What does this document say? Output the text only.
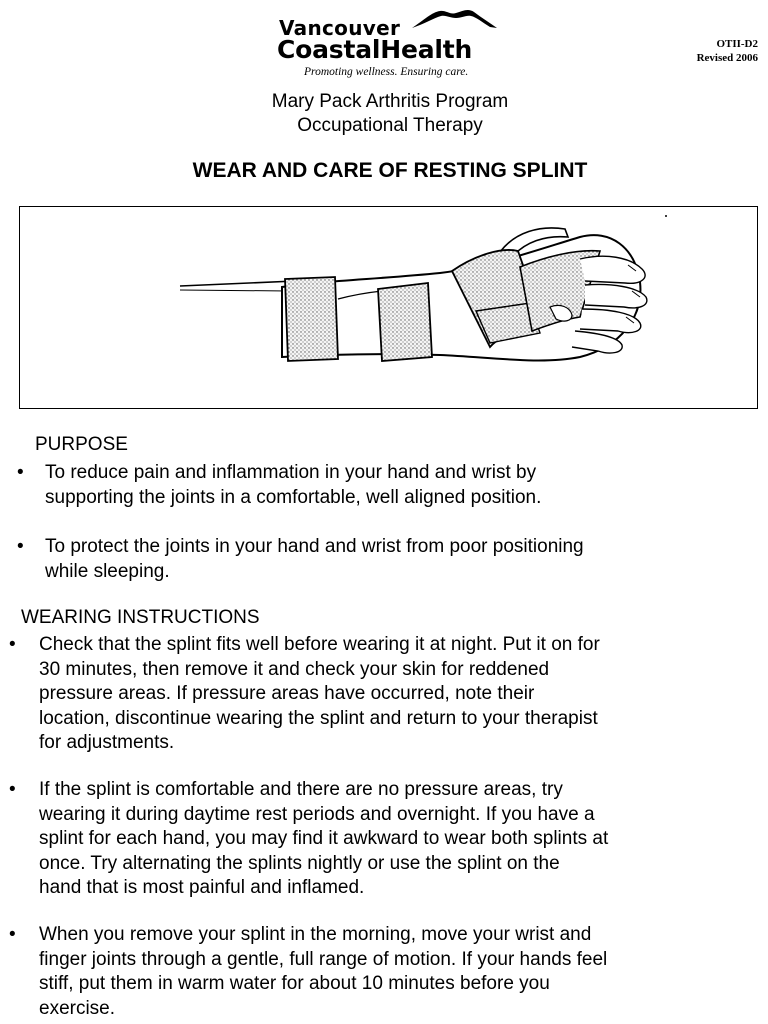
Vancouver
CoastalHealth
Promoting wellness. Ensuring care.
OTII-D2
Revised 2006
Mary Pack Arthritis Program
Occupational Therapy
WEAR AND CARE OF RESTING SPLINT
PURPOSE
• To reduce pain and inflammation in your hand and wrist by
supporting the joints in a comfortable, well aligned position.
• To protect the joints in your hand and wrist from poor positioning
while sleeping.
WEARING INSTRUCTIONS
• Check that the splint fits well before wearing it at night. Put it on for
30 minutes, then remove it and check your skin for reddened
pressure areas. If pressure areas have occurred, note their
location, discontinue wearing the splint and return to your therapist
for adjustments.
• If the splint is comfortable and there are no pressure areas, try
wearing it during daytime rest periods and overnight. If you have a
splint for each hand, you may find it awkward to wear both splints at
once. Try alternating the splints nightly or use the splint on the
hand that is most painful and inflamed.
• When you remove your splint in the morning, move your wrist and
finger joints through a gentle, full range of motion. If your hands feel
stiff, put them in warm water for about 10 minutes before you
exercise.
